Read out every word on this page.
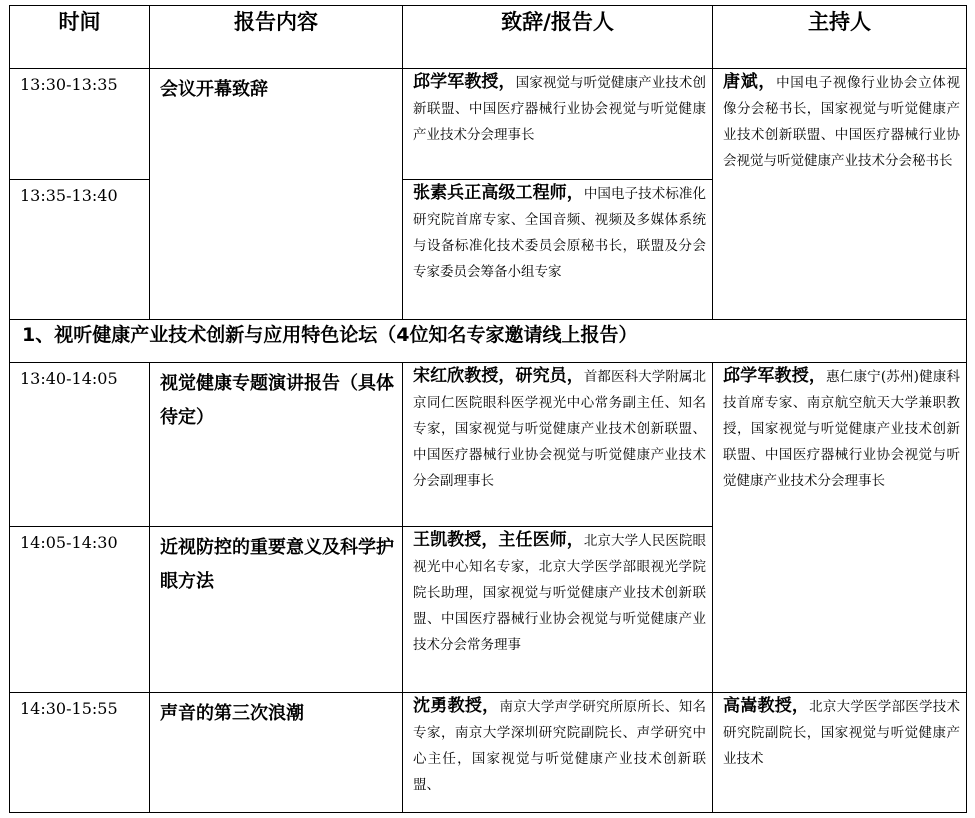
时间	报告内容	致辞/报告人	主持人
13:30-13:35	会议开幕致辞	邱学军教授，国家视觉与听觉健康产业技术创新联盟、中国医疗器械行业协会视觉与听觉健康产业技术分会理事长	唐斌，中国电子视像行业协会立体视像分会秘书长，国家视觉与听觉健康产业技术创新联盟、中国医疗器械行业协会视觉与听觉健康产业技术分会秘书长
13:35-13:40		张素兵正高级工程师，中国电子技术标准化研究院首席专家、全国音频、视频及多媒体系统与设备标准化技术委员会原秘书长，联盟及分会专家委员会筹备小组专家	
1、视听健康产业技术创新与应用特色论坛（4位知名专家邀请线上报告）			
13:40-14:05	视觉健康专题演讲报告（具体待定）	宋红欣教授，研究员，首都医科大学附属北京同仁医院眼科医学视光中心常务副主任、知名专家，国家视觉与听觉健康产业技术创新联盟、中国医疗器械行业协会视觉与听觉健康产业技术分会副理事长	邱学军教授，惠仁康宁(苏州)健康科技首席专家、南京航空航天大学兼职教授，国家视觉与听觉健康产业技术创新联盟、中国医疗器械行业协会视觉与听觉健康产业技术分会理事长
14:05-14:30	近视防控的重要意义及科学护眼方法	王凯教授，主任医师，北京大学人民医院眼视光中心知名专家，北京大学医学部眼视光学院院长助理，国家视觉与听觉健康产业技术创新联盟、中国医疗器械行业协会视觉与听觉健康产业技术分会常务理事	
14:30-15:55	声音的第三次浪潮	沈勇教授，南京大学声学研究所原所长、知名专家，南京大学深圳研究院副院长、声学研究中心主任，国家视觉与听觉健康产业技术创新联盟、	高嵩教授，北京大学医学部医学技术研究院副院长，国家视觉与听觉健康产业技术
